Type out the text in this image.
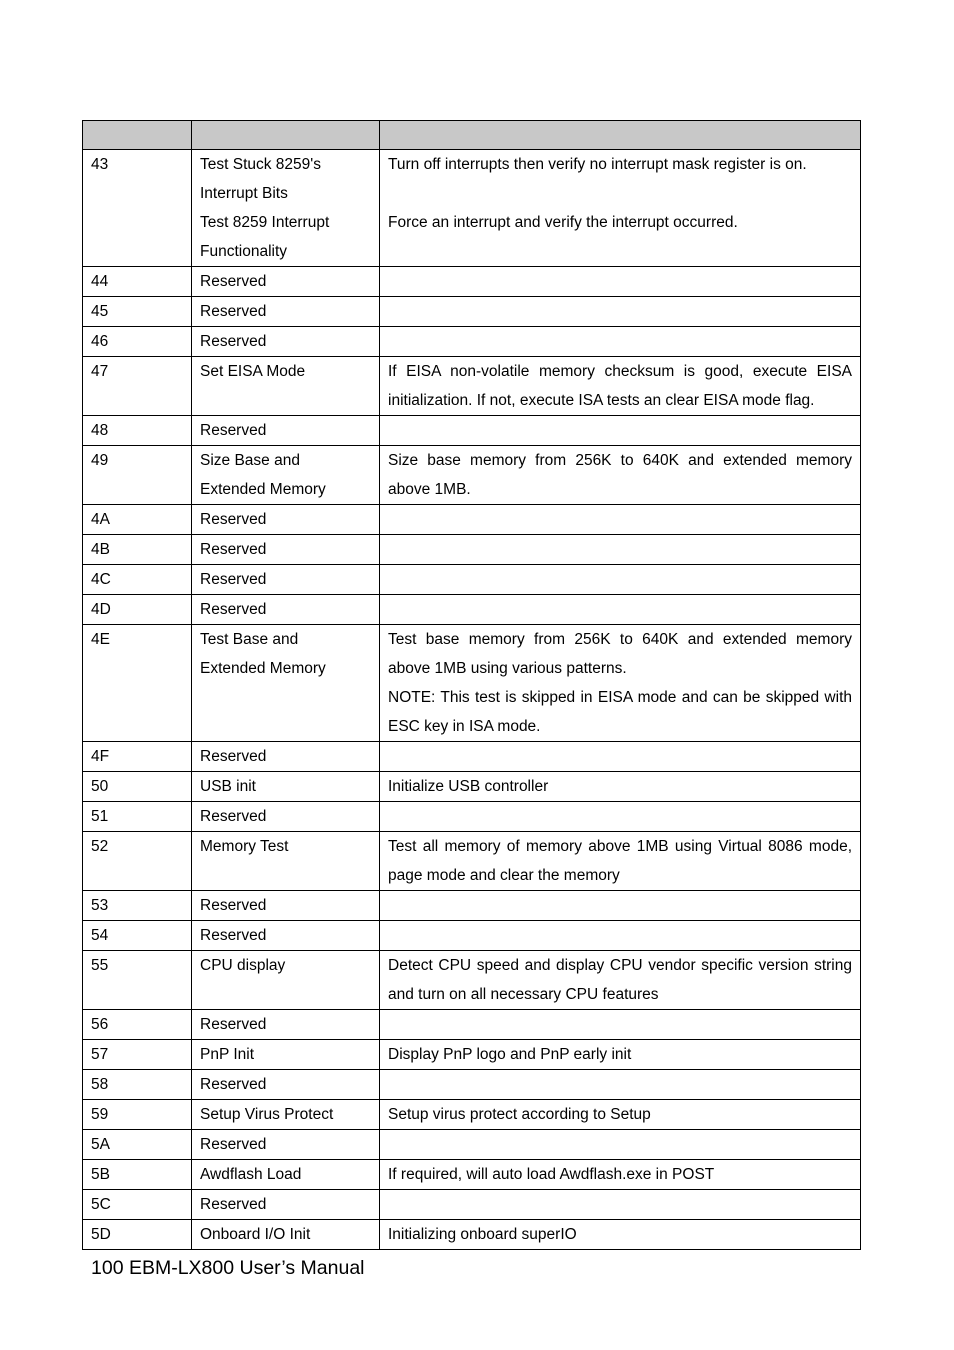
43	Test Stuck 8259's
Interrupt Bits
Test 8259 Interrupt
Functionality	Turn off interrupts then verify no interrupt mask register is on.
Force an interrupt and verify the interrupt occurred.

44	Reserved	

45	Reserved	

46	Reserved	

47	Set EISA Mode	If EISA non-volatile memory checksum is good, execute EISA initialization. If not, execute ISA tests an clear EISA mode flag.

48	Reserved	

49	Size Base and
Extended Memory	Size base memory from 256K to 640K and extended memory above 1MB.

4A	Reserved	

4B	Reserved	

4C	Reserved	

4D	Reserved	

4E	Test Base and
Extended Memory	Test base memory from 256K to 640K and extended memory above 1MB using various patterns.
NOTE: This test is skipped in EISA mode and can be skipped with ESC key in ISA mode.

4F	Reserved	

50	USB init	Initialize USB controller

51	Reserved	

52	Memory Test	Test all memory of memory above 1MB using Virtual 8086 mode, page mode and clear the memory

53	Reserved	

54	Reserved	

55	CPU display	Detect CPU speed and display CPU vendor specific version string and turn on all necessary CPU features

56	Reserved	

57	PnP Init	Display PnP logo and PnP early init

58	Reserved	

59	Setup Virus Protect	Setup virus protect according to Setup

5A	Reserved	

5B	Awdflash Load	If required, will auto load Awdflash.exe in POST

5C	Reserved	

5D	Onboard I/O Init	Initializing onboard superIO
100 EBM-LX800 User’s Manual
